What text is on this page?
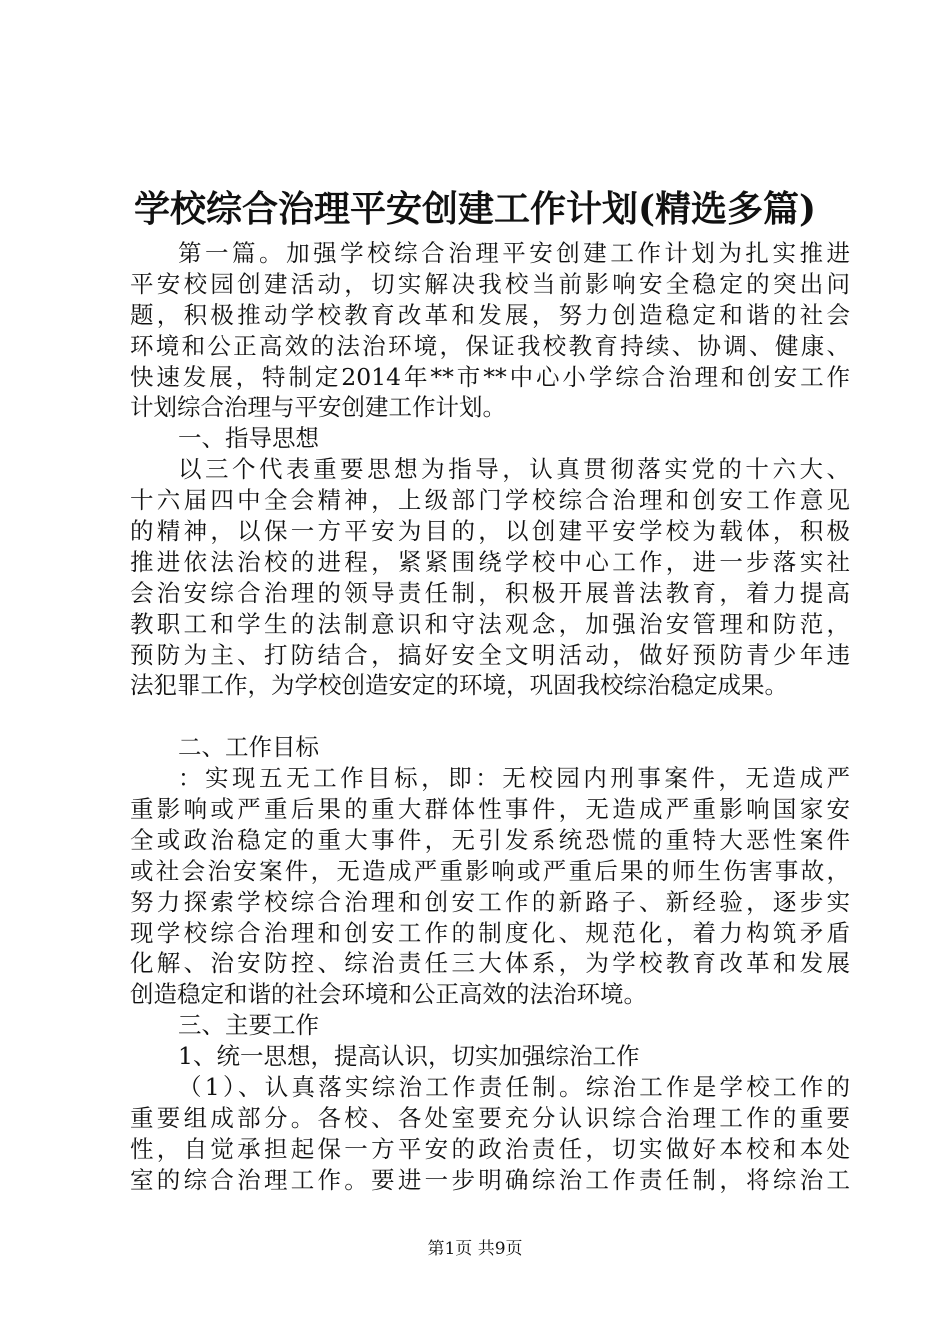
学校综合治理平安创建工作计划(精选多篇)
第一篇。加强学校综合治理平安创建工作计划为扎实推进
平安校园创建活动，切实解决我校当前影响安全稳定的突出问
题，积极推动学校教育改革和发展，努力创造稳定和谐的社会
环境和公正高效的法治环境，保证我校教育持续、协调、健康、
快速发展，特制定2014年**市**中心小学综合治理和创安工作
计划综合治理与平安创建工作计划。
一、指导思想
以三个代表重要思想为指导，认真贯彻落实党的十六大、
十六届四中全会精神，上级部门学校综合治理和创安工作意见
的精神，以保一方平安为目的，以创建平安学校为载体，积极
推进依法治校的进程，紧紧围绕学校中心工作，进一步落实社
会治安综合治理的领导责任制，积极开展普法教育，着力提高
教职工和学生的法制意识和守法观念，加强治安管理和防范，
预防为主、打防结合，搞好安全文明活动，做好预防青少年违
法犯罪工作，为学校创造安定的环境，巩固我校综治稳定成果。
二、工作目标
：实现五无工作目标，即：无校园内刑事案件，无造成严
重影响或严重后果的重大群体性事件，无造成严重影响国家安
全或政治稳定的重大事件，无引发系统恐慌的重特大恶性案件
或社会治安案件，无造成严重影响或严重后果的师生伤害事故，
努力探索学校综合治理和创安工作的新路子、新经验，逐步实
现学校综合治理和创安工作的制度化、规范化，着力构筑矛盾
化解、治安防控、综治责任三大体系，为学校教育改革和发展
创造稳定和谐的社会环境和公正高效的法治环境。
三、主要工作
1、统一思想，提高认识，切实加强综治工作
（1）、认真落实综治工作责任制。综治工作是学校工作的
重要组成部分。各校、各处室要充分认识综合治理工作的重要
性，自觉承担起保一方平安的政治责任，切实做好本校和本处
室的综合治理工作。要进一步明确综治工作责任制，将综治工
第1页 共9页
